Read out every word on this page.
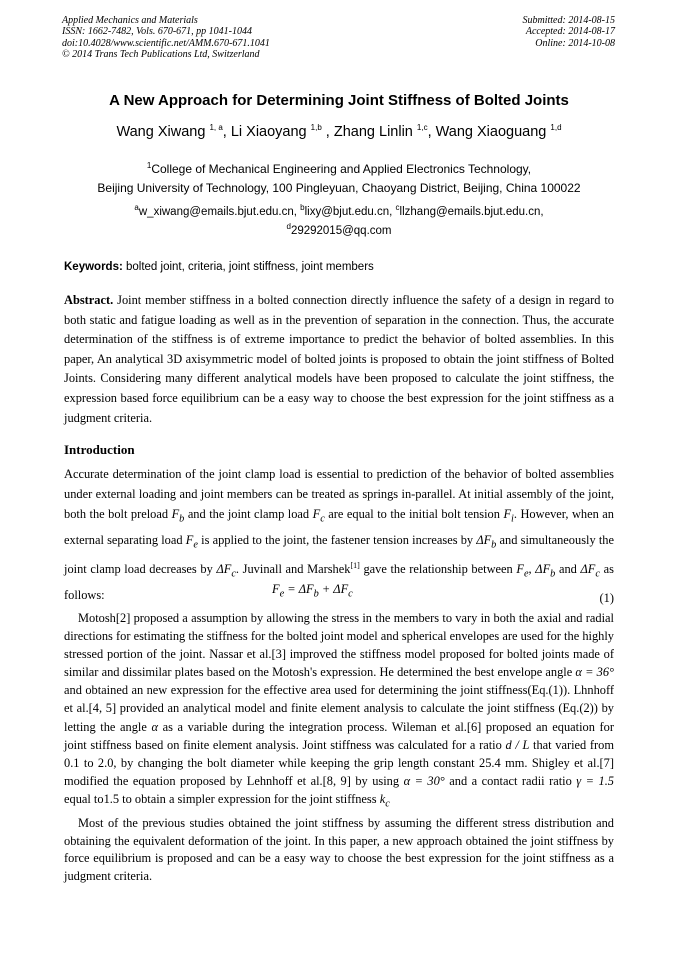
Applied Mechanics and Materials
ISSN: 1662-7482, Vols. 670-671, pp 1041-1044
doi:10.4028/www.scientific.net/AMM.670-671.1041
© 2014 Trans Tech Publications Ltd, Switzerland
Submitted: 2014-08-15
Accepted: 2014-08-17
Online: 2014-10-08
A New Approach for Determining Joint Stiffness of Bolted Joints
Wang Xiwang $^{1, a}$, Li Xiaoyang $^{1,b}$ , Zhang Linlin $^{1,c}$, Wang Xiaoguang $^{1,d}$
$^1$College of Mechanical Engineering and Applied Electronics Technology,
Beijing University of Technology, 100 Pingleyuan, Chaoyang District, Beijing, China 100022
$^a$w_xiwang@emails.bjut.edu.cn, $^b$lixy@bjut.edu.cn, $^c$llzhang@emails.bjut.edu.cn,
$^d$29292015@qq.com
Keywords: bolted joint, criteria, joint stiffness, joint members
Abstract. Joint member stiffness in a bolted connection directly influence the safety of a design in regard to both static and fatigue loading as well as in the prevention of separation in the connection. Thus, the accurate determination of the stiffness is of extreme importance to predict the behavior of bolted assemblies. In this paper, An analytical 3D axisymmetric model of bolted joints is proposed to obtain the joint stiffness of Bolted Joints. Considering many different analytical models have been proposed to calculate the joint stiffness, the expression based force equilibrium can be a easy way to choose the best expression for the joint stiffness as a judgment criteria.
Introduction
Accurate determination of the joint clamp load is essential to prediction of the behavior of bolted assemblies under external loading and joint members can be treated as springs in-parallel. At initial assembly of the joint, both the bolt preload $F_b$ and the joint clamp load $F_c$ are equal to the initial bolt tension $F_i$. However, when an external separating load $F_e$ is applied to the joint, the fastener tension increases by $\Delta F_b$ and simultaneously the joint clamp load decreases by $\Delta F_c$. Juvinall and Marshek[1] gave the relationship between $F_e$, $\Delta F_b$ and $\Delta F_c$ as follows:	$F_e = \Delta F_b + \Delta F_c$	(1)
Motosh[2] proposed a assumption by allowing the stress in the members to vary in both the axial and radial directions for estimating the stiffness for the bolted joint model and spherical envelopes are used for the highly stressed portion of the joint. Nassar et al.[3] improved the stiffness model proposed for bolted joints made of similar and dissimilar plates based on the Motosh's expression. He determined the best envelope angle α = 36° and obtained an new expression for the effective area used for determining the joint stiffness(Eq.(1)). Lhnhoff et al.[4, 5] provided an analytical model and finite element analysis to calculate the joint stiffness (Eq.(2)) by letting the angle α as a variable during the integration process. Wileman et al.[6] proposed an equation for joint stiffness based on finite element analysis. Joint stiffness was calculated for a ratio d / L that varied from 0.1 to 2.0, by changing the bolt diameter while keeping the grip length constant 25.4 mm. Shigley et al.[7] modified the equation proposed by Lehnhoff et al.[8, 9] by using α = 30° and a contact radii ratio γ = 1.5 equal to1.5 to obtain a simpler expression for the joint stiffness $k_c$
Most of the previous studies obtained the joint stiffness by assuming the different stress distribution and obtaining the equivalent deformation of the joint. In this paper, a new approach obtained the joint stiffness by force equilibrium is proposed and can be a easy way to choose the best expression for the joint stiffness as a judgment criteria.
